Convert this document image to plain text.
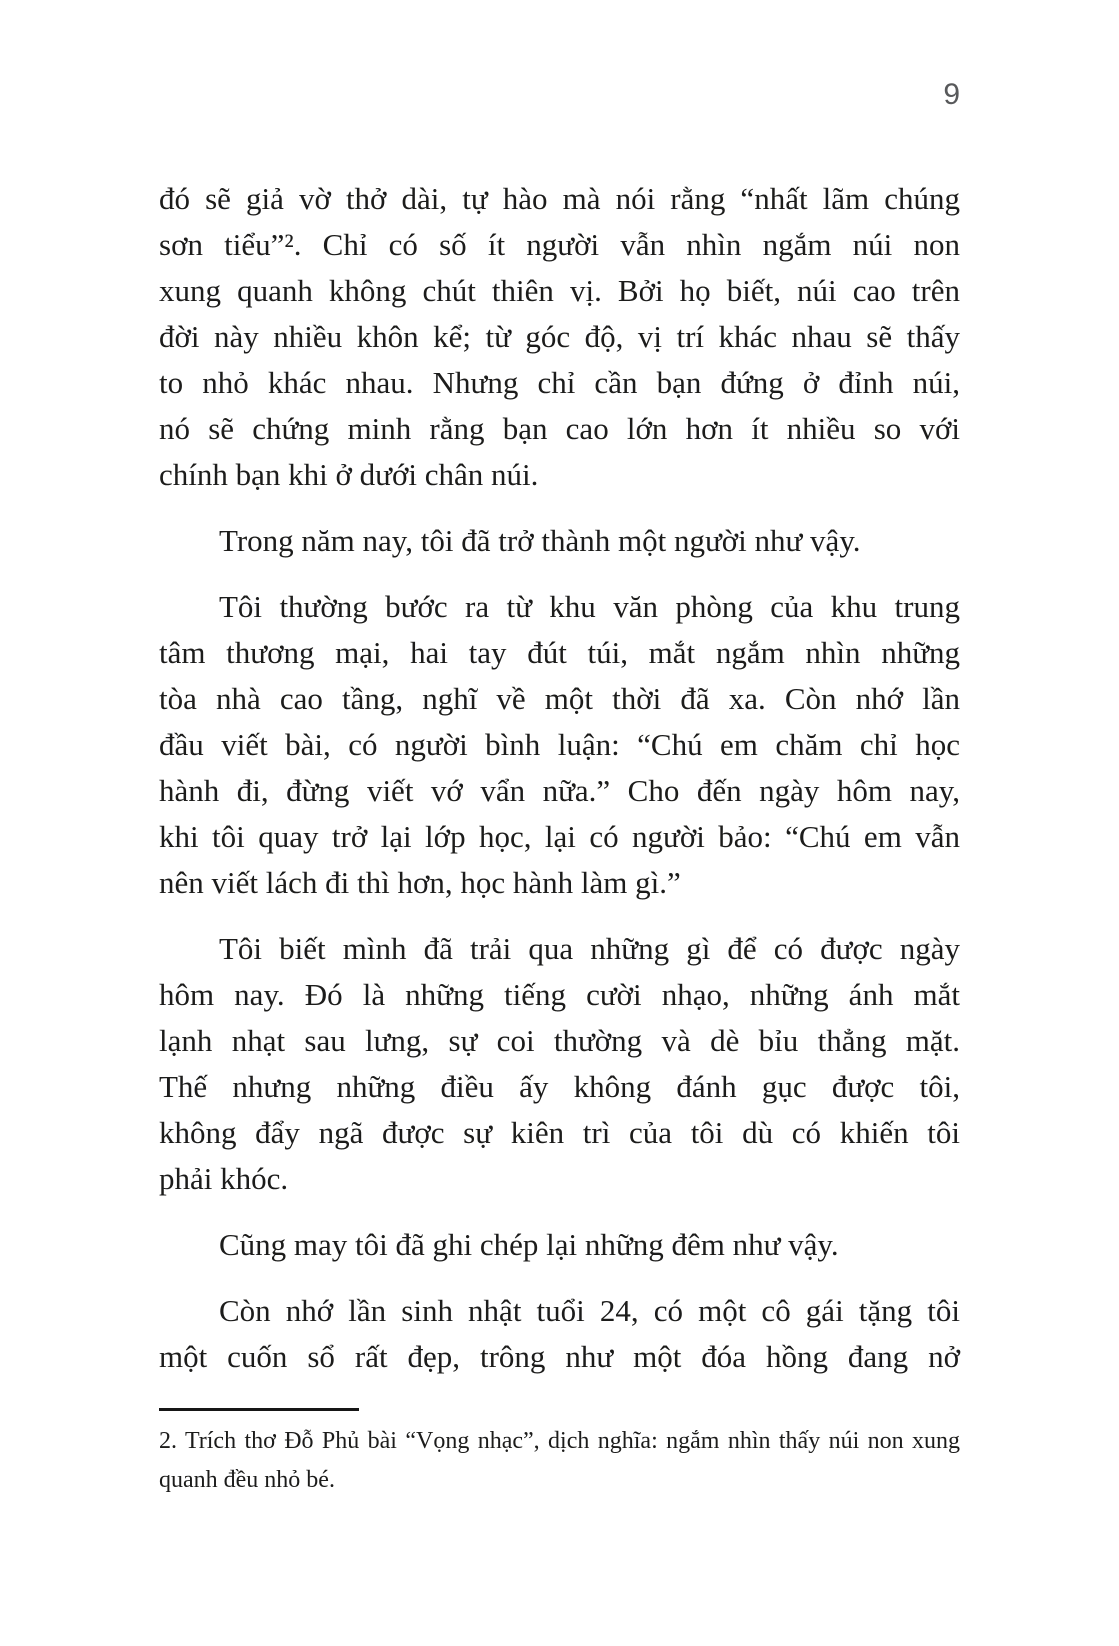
9
đó sẽ giả vờ thở dài, tự hào mà nói rằng “nhất lãm chúng
sơn tiểu”². Chỉ có số ít người vẫn nhìn ngắm núi non
xung quanh không chút thiên vị. Bởi họ biết, núi cao trên
đời này nhiều khôn kể; từ góc độ, vị trí khác nhau sẽ thấy
to nhỏ khác nhau. Nhưng chỉ cần bạn đứng ở đỉnh núi,
nó sẽ chứng minh rằng bạn cao lớn hơn ít nhiều so với
chính bạn khi ở dưới chân núi.
Trong năm nay, tôi đã trở thành một người như vậy.
Tôi thường bước ra từ khu văn phòng của khu trung
tâm thương mại, hai tay đút túi, mắt ngắm nhìn những
tòa nhà cao tầng, nghĩ về một thời đã xa. Còn nhớ lần
đầu viết bài, có người bình luận: “Chú em chăm chỉ học
hành đi, đừng viết vớ vẩn nữa.” Cho đến ngày hôm nay,
khi tôi quay trở lại lớp học, lại có người bảo: “Chú em vẫn
nên viết lách đi thì hơn, học hành làm gì.”
Tôi biết mình đã trải qua những gì để có được ngày
hôm nay. Đó là những tiếng cười nhạo, những ánh mắt
lạnh nhạt sau lưng, sự coi thường và dè bỉu thẳng mặt.
Thế nhưng những điều ấy không đánh gục được tôi,
không đẩy ngã được sự kiên trì của tôi dù có khiến tôi
phải khóc.
Cũng may tôi đã ghi chép lại những đêm như vậy.
Còn nhớ lần sinh nhật tuổi 24, có một cô gái tặng tôi
một cuốn sổ rất đẹp, trông như một đóa hồng đang nở
2. Trích thơ Đỗ Phủ bài “Vọng nhạc”, dịch nghĩa: ngắm nhìn thấy núi non xung
quanh đều nhỏ bé.
